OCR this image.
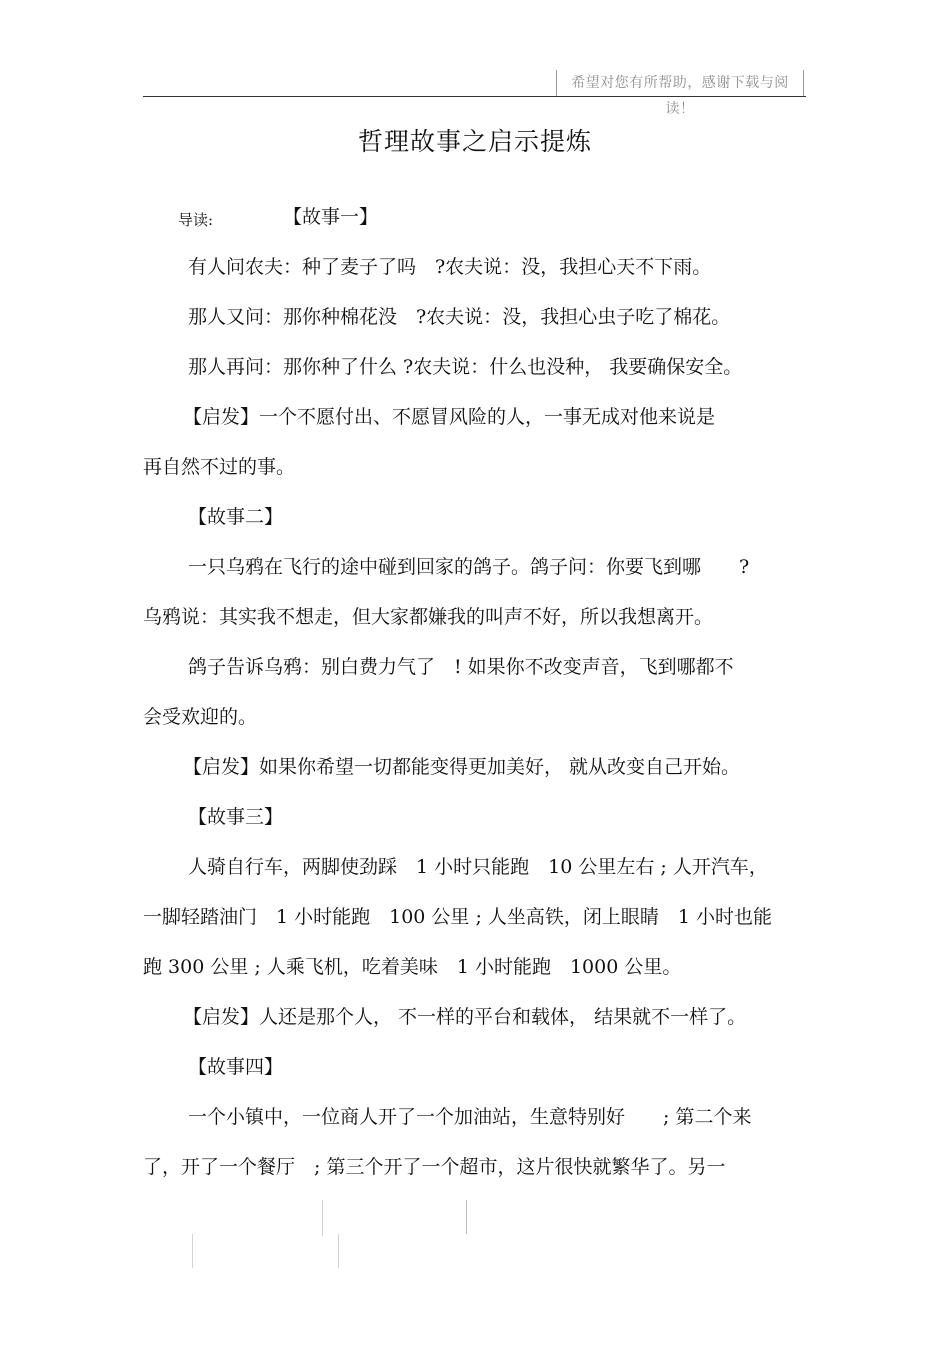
希望对您有所帮助，感谢下载与阅读！
哲理故事之启示提炼
导读:	【故事一】
有人问农夫：种了麦子了吗　?农夫说：没，我担心天不下雨。
那人又问：那你种棉花没　?农夫说：没，我担心虫子吃了棉花。
那人再问：那你种了什么 ?农夫说：什么也没种， 我要确保安全。
【启发】一个不愿付出、不愿冒风险的人，一事无成对他来说是
再自然不过的事。
【故事二】
一只乌鸦在飞行的途中碰到回家的鸽子。鸽子问：你要飞到哪　　?
乌鸦说：其实我不想走，但大家都嫌我的叫声不好，所以我想离开。
鸽子告诉乌鸦：别白费力气了　! 如果你不改变声音，飞到哪都不
会受欢迎的。
【启发】如果你希望一切都能变得更加美好， 就从改变自己开始。
【故事三】
人骑自行车，两脚使劲踩　1 小时只能跑　10 公里左右 ; 人开汽车，
一脚轻踏油门　1 小时能跑　100 公里 ; 人坐高铁，闭上眼睛　1 小时也能
跑 300 公里 ; 人乘飞机，吃着美味　1 小时能跑　1000 公里。
【启发】人还是那个人， 不一样的平台和载体， 结果就不一样了。
【故事四】
一个小镇中，一位商人开了一个加油站，生意特别好　　; 第二个来
了，开了一个餐厅　; 第三个开了一个超市，这片很快就繁华了。另一
